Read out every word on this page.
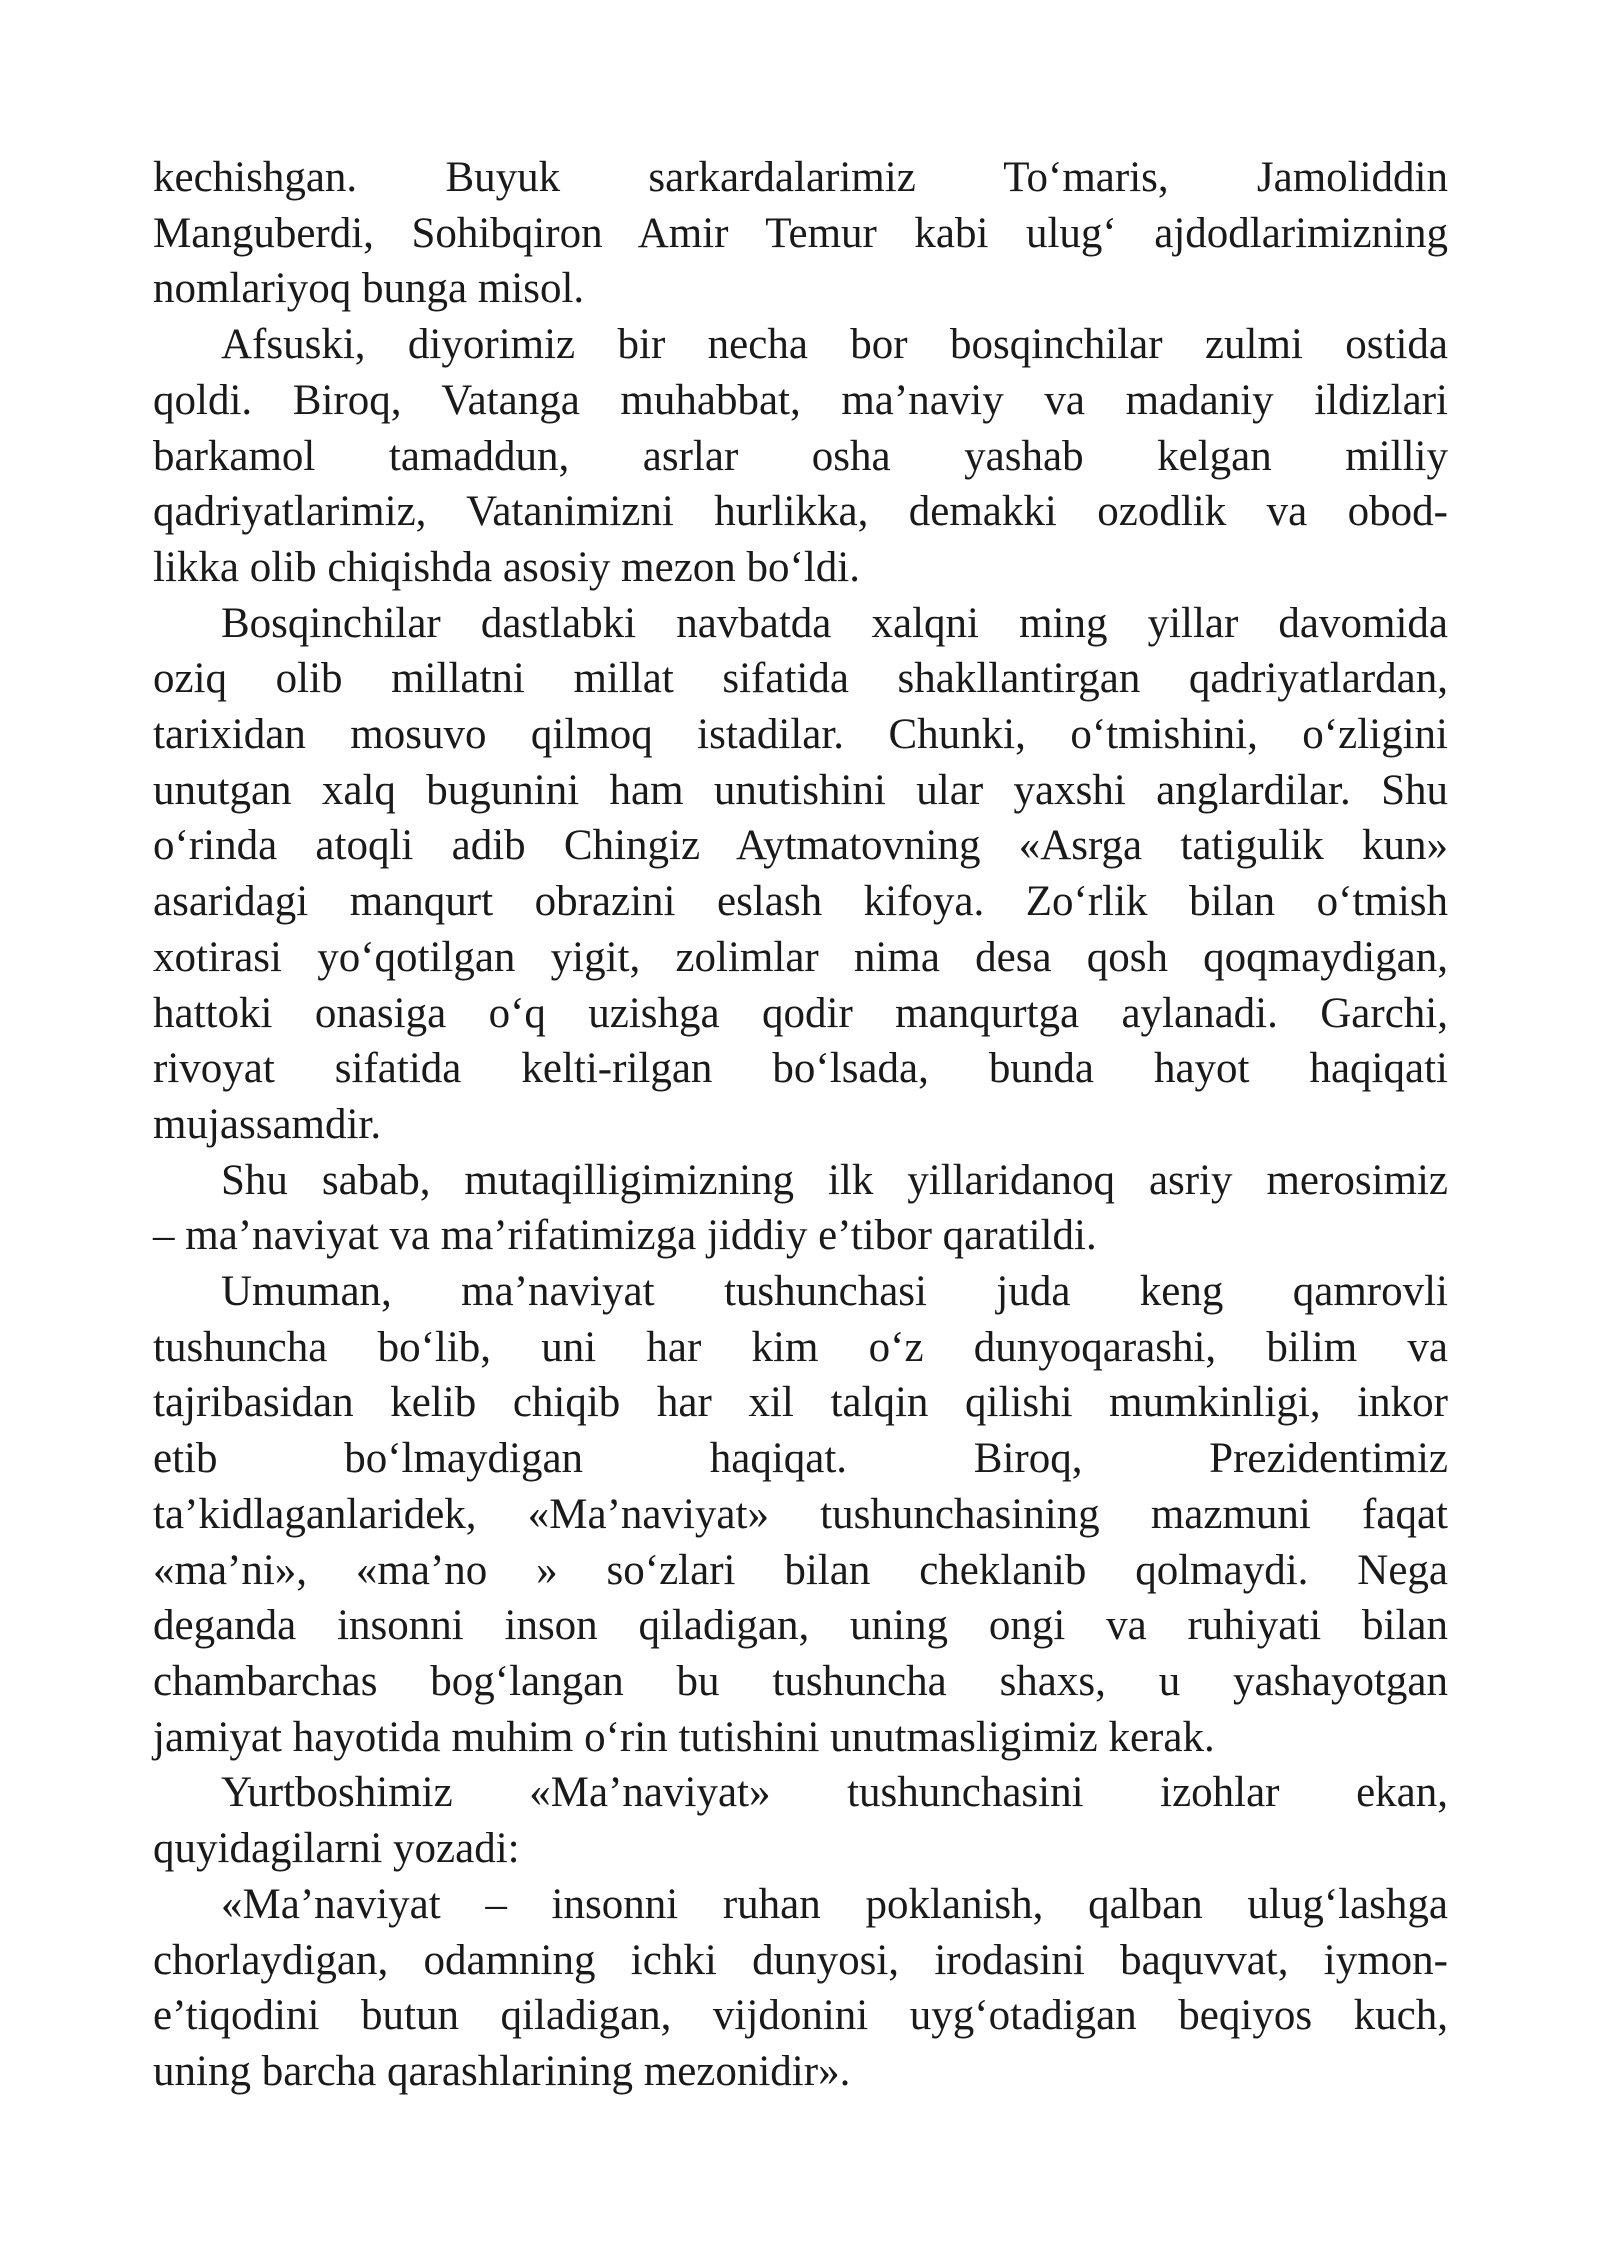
kechishgan. Buyuk sarkardalarimiz To‘maris, Jamoliddin
Manguberdi, Sohibqiron Amir Temur kabi ulug‘ ajdodlarimizning
nomlariyoq bunga misol.

Afsuski, diyorimiz bir necha bor bosqinchilar zulmi ostida
qoldi. Biroq, Vatanga muhabbat, ma’naviy va madaniy ildizlari
barkamol tamaddun, asrlar osha yashab kelgan milliy
qadriyatlarimiz, Vatanimizni hurlikka, demakki ozodlik va obod-
likka olib chiqishda asosiy mezon bo‘ldi.

Bosqinchilar dastlabki navbatda xalqni ming yillar davomida
oziq olib millatni millat sifatida shakllantirgan qadriyatlardan,
tarixidan mosuvo qilmoq istadilar. Chunki, o‘tmishini, o‘zligini
unutgan xalq bugunini ham unutishini ular yaxshi anglardilar. Shu
o‘rinda atoqli adib Chingiz Aytmatovning «Asrga tatigulik kun»
asaridagi manqurt obrazini eslash kifoya. Zo‘rlik bilan o‘tmish
xotirasi yo‘qotilgan yigit, zolimlar nima desa qosh qoqmaydigan,
hattoki onasiga o‘q uzishga qodir manqurtga aylanadi. Garchi,
rivoyat sifatida kelti-rilgan bo‘lsada, bunda hayot haqiqati
mujassamdir.

Shu sabab, mutaqilligimizning ilk yillaridanoq asriy merosimiz
– ma’naviyat va ma’rifatimizga jiddiy e’tibor qaratildi.

Umuman, ma’naviyat tushunchasi juda keng qamrovli
tushuncha bo‘lib, uni har kim o‘z dunyoqarashi, bilim va
tajribasidan kelib chiqib har xil talqin qilishi mumkinligi, inkor
etib bo‘lmaydigan haqiqat. Biroq, Prezidentimiz
ta’kidlaganlaridek, «Ma’naviyat» tushunchasining mazmuni faqat
«ma’ni», «ma’no » so‘zlari bilan cheklanib qolmaydi. Nega
deganda insonni inson qiladigan, uning ongi va ruhiyati bilan
chambarchas bog‘langan bu tushuncha shaxs, u yashayotgan
jamiyat hayotida muhim o‘rin tutishini unutmasligimiz kerak.

Yurtboshimiz «Ma’naviyat» tushunchasini izohlar ekan,
quyidagilarni yozadi:

«Ma’naviyat – insonni ruhan poklanish, qalban ulug‘lashga
chorlaydigan, odamning ichki dunyosi, irodasini baquvvat, iymon-
e’tiqodini butun qiladigan, vijdonini uyg‘otadigan beqiyos kuch,
uning barcha qarashlarining mezonidir».
